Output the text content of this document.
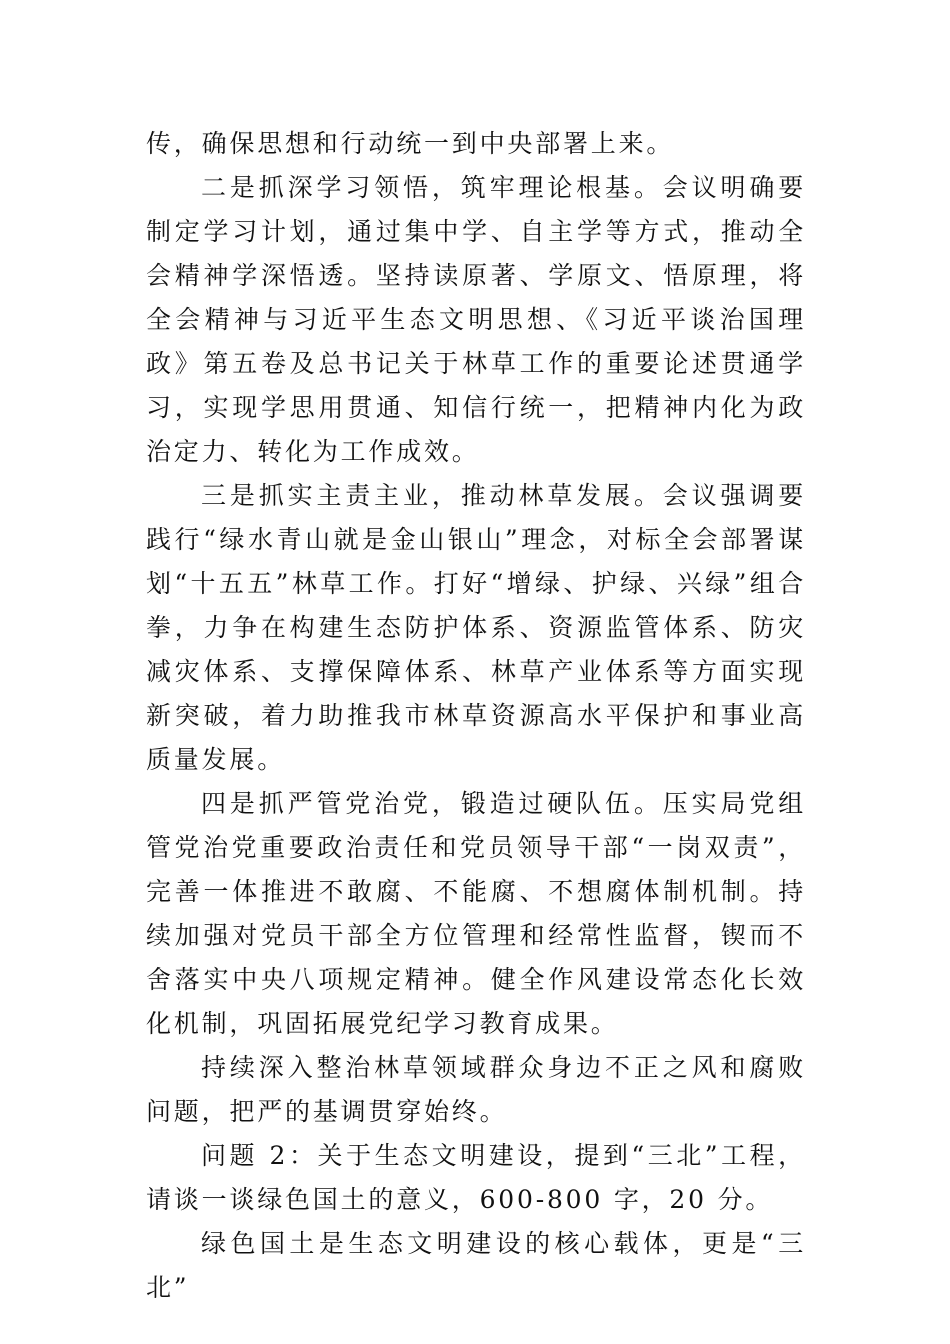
传，确保思想和行动统一到中央部署上来。

二是抓深学习领悟，筑牢理论根基。会议明确要制定学习计划，通过集中学、自主学等方式，推动全会精神学深悟透。坚持读原著、学原文、悟原理，将全会精神与习近平生态文明思想、《习近平谈治国理政》第五卷及总书记关于林草工作的重要论述贯通学习，实现学思用贯通、知信行统一，把精神内化为政治定力、转化为工作成效。

三是抓实主责主业，推动林草发展。会议强调要践行“绿水青山就是金山银山”理念，对标全会部署谋划“十五五”林草工作。打好“增绿、护绿、兴绿”组合拳，力争在构建生态防护体系、资源监管体系、防灾减灾体系、支撑保障体系、林草产业体系等方面实现新突破，着力助推我市林草资源高水平保护和事业高质量发展。

四是抓严管党治党，锻造过硬队伍。压实局党组管党治党重要政治责任和党员领导干部“一岗双责”，完善一体推进不敢腐、不能腐、不想腐体制机制。持续加强对党员干部全方位管理和经常性监督，锲而不舍落实中央八项规定精神。健全作风建设常态化长效化机制，巩固拓展党纪学习教育成果。

持续深入整治林草领域群众身边不正之风和腐败问题，把严的基调贯穿始终。

问题 2：关于生态文明建设，提到“三北”工程，请谈一谈绿色国土的意义，600-800 字，20 分。

绿色国土是生态文明建设的核心载体，更是“三北”
